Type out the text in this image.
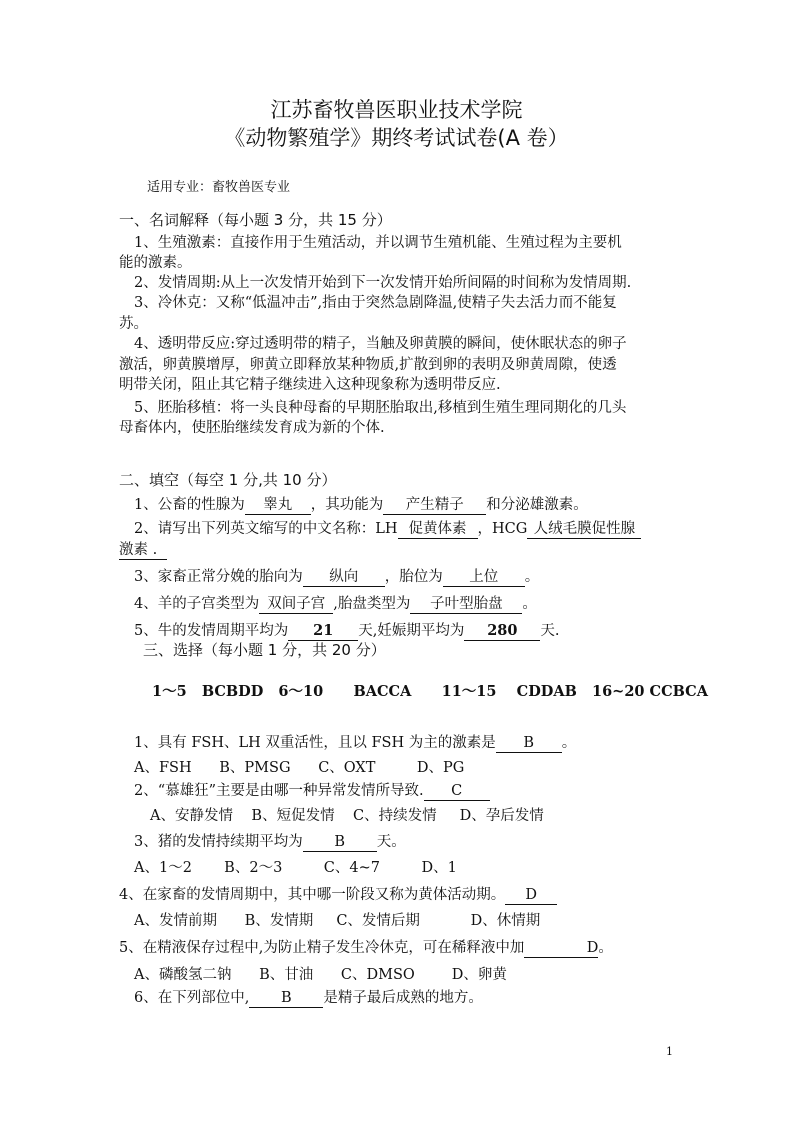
江苏畜牧兽医职业技术学院
《动物繁殖学》期终考试试卷(A 卷）
适用专业：畜牧兽医专业
一、名词解释（每小题 3 分，共 15 分）
1、生殖激素：直接作用于生殖活动，并以调节生殖机能、生殖过程为主要机
能的激素。
2、发情周期:从上一次发情开始到下一次发情开始所间隔的时间称为发情周期.
3、冷休克：又称“低温冲击”,指由于突然急剧降温,使精子失去活力而不能复
苏。
4、透明带反应:穿过透明带的精子，当触及卵黄膜的瞬间，使休眠状态的卵子
激活，卵黄膜增厚，卵黄立即释放某种物质,扩散到卵的表明及卵黄周隙，使透
明带关闭，阻止其它精子继续进入这种现象称为透明带反应.
5、胚胎移植：将一头良种母畜的早期胚胎取出,移植到生殖生理同期化的几头
母畜体内，使胚胎继续发育成为新的个体.
二、填空（每空 1 分,共 10 分）
1、公畜的性腺为 睾丸 ，其功能为 产生精子 和分泌雄激素。
2、请写出下列英文缩写的中文名称：LH 促黄体素 ，HCG 人绒毛膜促性腺
激素 .
3、家畜正常分娩的胎向为 纵向 ，胎位为 上位 。
4、羊的子宫类型为 双间子宫 ,胎盘类型为 子叶型胎盘 。
5、牛的发情周期平均为 21 天,妊娠期平均为 280 天.
三、选择（每小题 1 分，共 20 分）
1～5   BCBDD   6～10      BACCA      11～15    CDDAB   16~20 CCBCA
1、具有 FSH、LH 双重活性，且以 FSH 为主的激素是 B 。
A、FSH      B、PMSG      C、OXT         D、PG
2、“慕雄狂”主要是由哪一种异常发情所导致. C
A、安静发情    B、短促发情    C、持续发情     D、孕后发情
3、猪的发情持续期平均为 B 天。
A、1～2       B、2～3         C、4~7         D、1
4、在家畜的发情周期中，其中哪一阶段又称为黄体活动期。 D
A、发情前期      B、发情期     C、发情后期           D、休情期
5、在精液保存过程中,为防止精子发生冷休克，可在稀释液中加	D。
A、磷酸氢二钠      B、甘油      C、DMSO        D、卵黄
6、在下列部位中, B 是精子最后成熟的地方。
1
